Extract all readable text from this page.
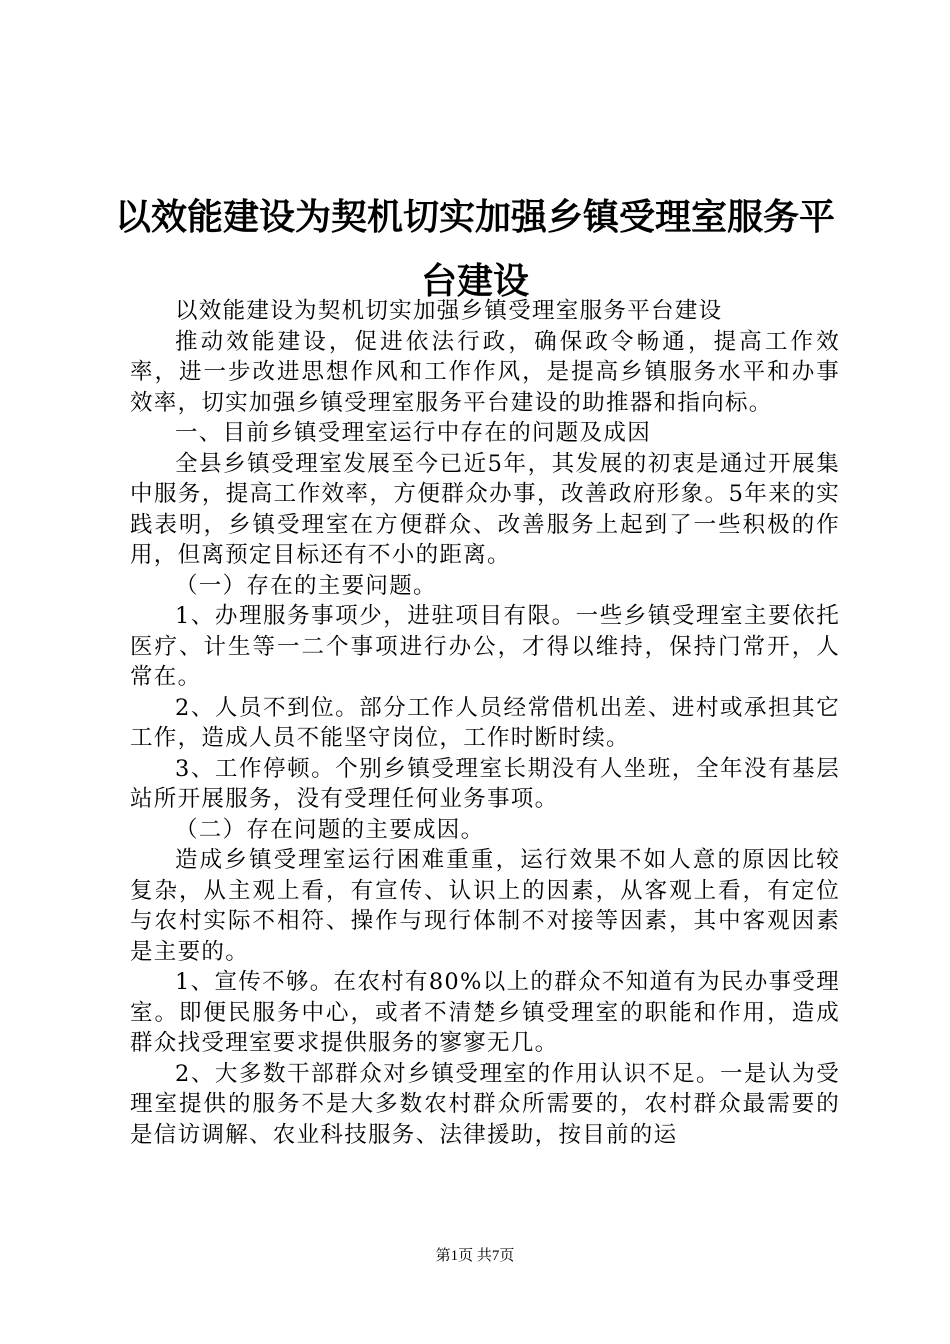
以效能建设为契机切实加强乡镇受理室服务平台建设

以效能建设为契机切实加强乡镇受理室服务平台建设

推动效能建设，促进依法行政，确保政令畅通，提高工作效率，进一步改进思想作风和工作作风，是提高乡镇服务水平和办事效率，切实加强乡镇受理室服务平台建设的助推器和指向标。

一、目前乡镇受理室运行中存在的问题及成因

全县乡镇受理室发展至今已近5年，其发展的初衷是通过开展集中服务，提高工作效率，方便群众办事，改善政府形象。5年来的实践表明，乡镇受理室在方便群众、改善服务上起到了一些积极的作用，但离预定目标还有不小的距离。

（一）存在的主要问题。

1、办理服务事项少，进驻项目有限。一些乡镇受理室主要依托医疗、计生等一二个事项进行办公，才得以维持，保持门常开，人常在。

2、人员不到位。部分工作人员经常借机出差、进村或承担其它工作，造成人员不能坚守岗位，工作时断时续。

3、工作停顿。个别乡镇受理室长期没有人坐班，全年没有基层站所开展服务，没有受理任何业务事项。

（二）存在问题的主要成因。

造成乡镇受理室运行困难重重，运行效果不如人意的原因比较复杂，从主观上看，有宣传、认识上的因素，从客观上看，有定位与农村实际不相符、操作与现行体制不对接等因素，其中客观因素是主要的。

1、宣传不够。在农村有80%以上的群众不知道有为民办事受理室。即便民服务中心，或者不清楚乡镇受理室的职能和作用，造成群众找受理室要求提供服务的寥寥无几。

2、大多数干部群众对乡镇受理室的作用认识不足。一是认为受理室提供的服务不是大多数农村群众所需要的，农村群众最需要的是信访调解、农业科技服务、法律援助，按目前的运

第1页 共7页
